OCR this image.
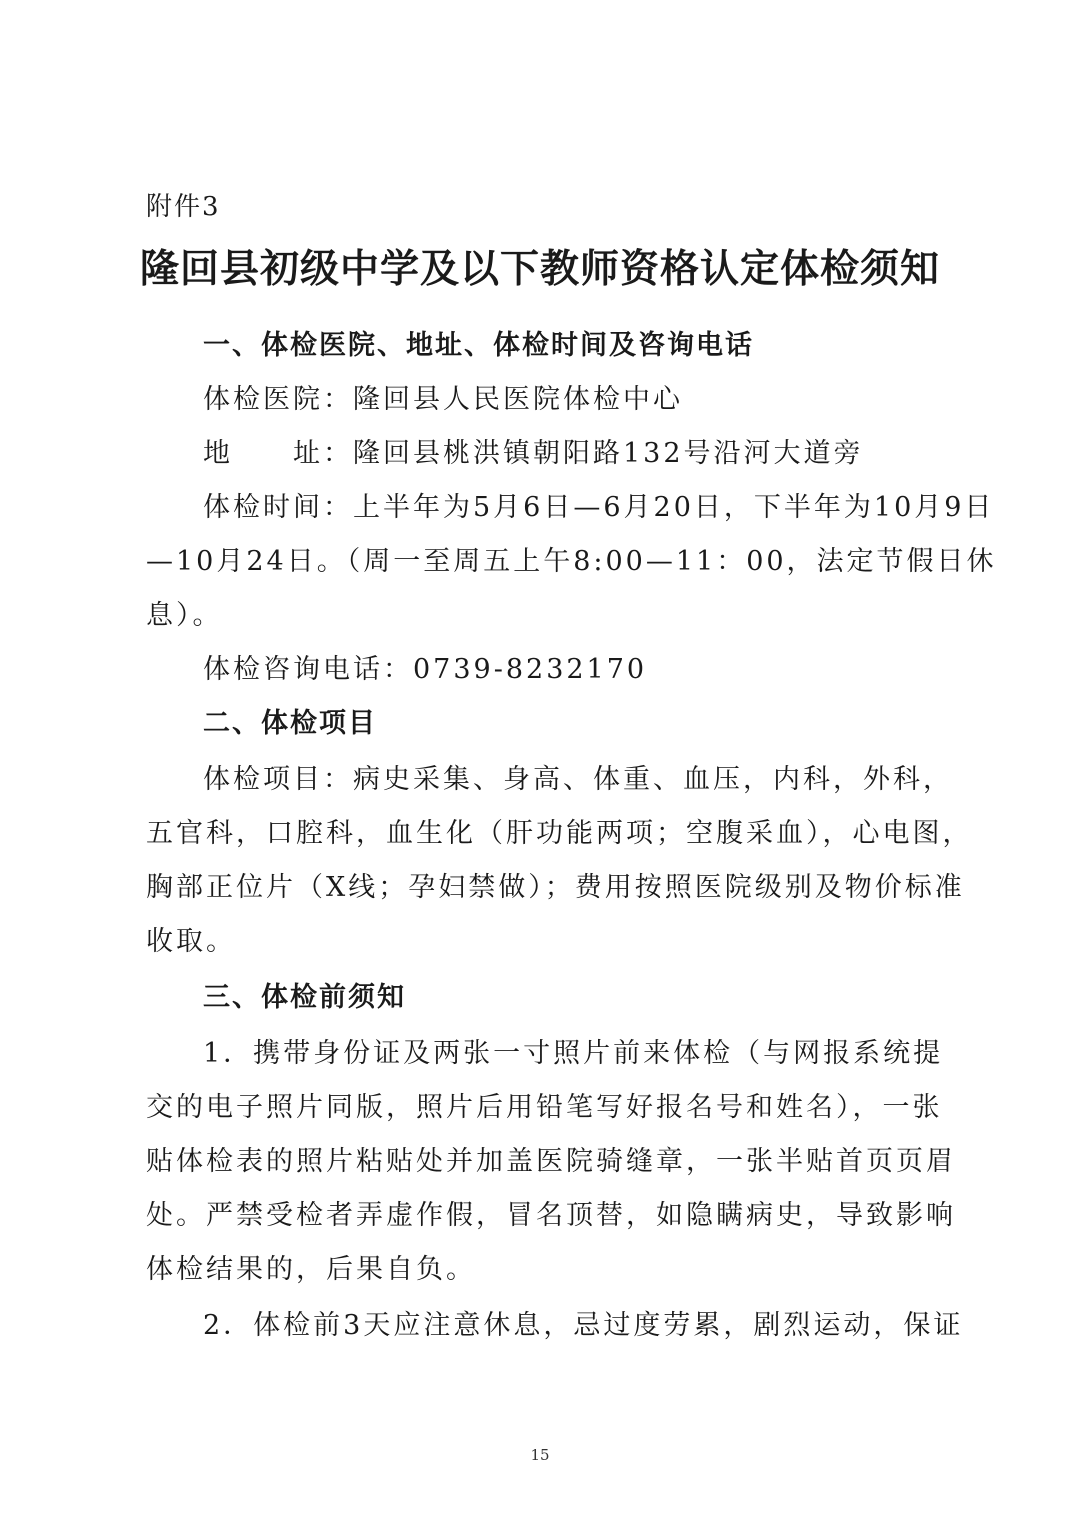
附件3
隆回县初级中学及以下教师资格认定体检须知
一、体检医院、地址、体检时间及咨询电话
体检医院：隆回县人民医院体检中心
地　　址：隆回县桃洪镇朝阳路132号沿河大道旁
体检时间：上半年为5月6日—6月20日，下半年为10月9日
—10月24日。（周一至周五上午8:00—11：00，法定节假日休
息）。
体检咨询电话：0739-8232170
二、体检项目
体检项目：病史采集、身高、体重、血压，内科，外科，
五官科，口腔科，血生化（肝功能两项；空腹采血），心电图，
胸部正位片（X线；孕妇禁做）；费用按照医院级别及物价标准
收取。
三、体检前须知
1．携带身份证及两张一寸照片前来体检（与网报系统提
交的电子照片同版，照片后用铅笔写好报名号和姓名），一张
贴体检表的照片粘贴处并加盖医院骑缝章，一张半贴首页页眉
处。严禁受检者弄虚作假，冒名顶替，如隐瞒病史，导致影响
体检结果的，后果自负。
2．体检前3天应注意休息，忌过度劳累，剧烈运动，保证
15
